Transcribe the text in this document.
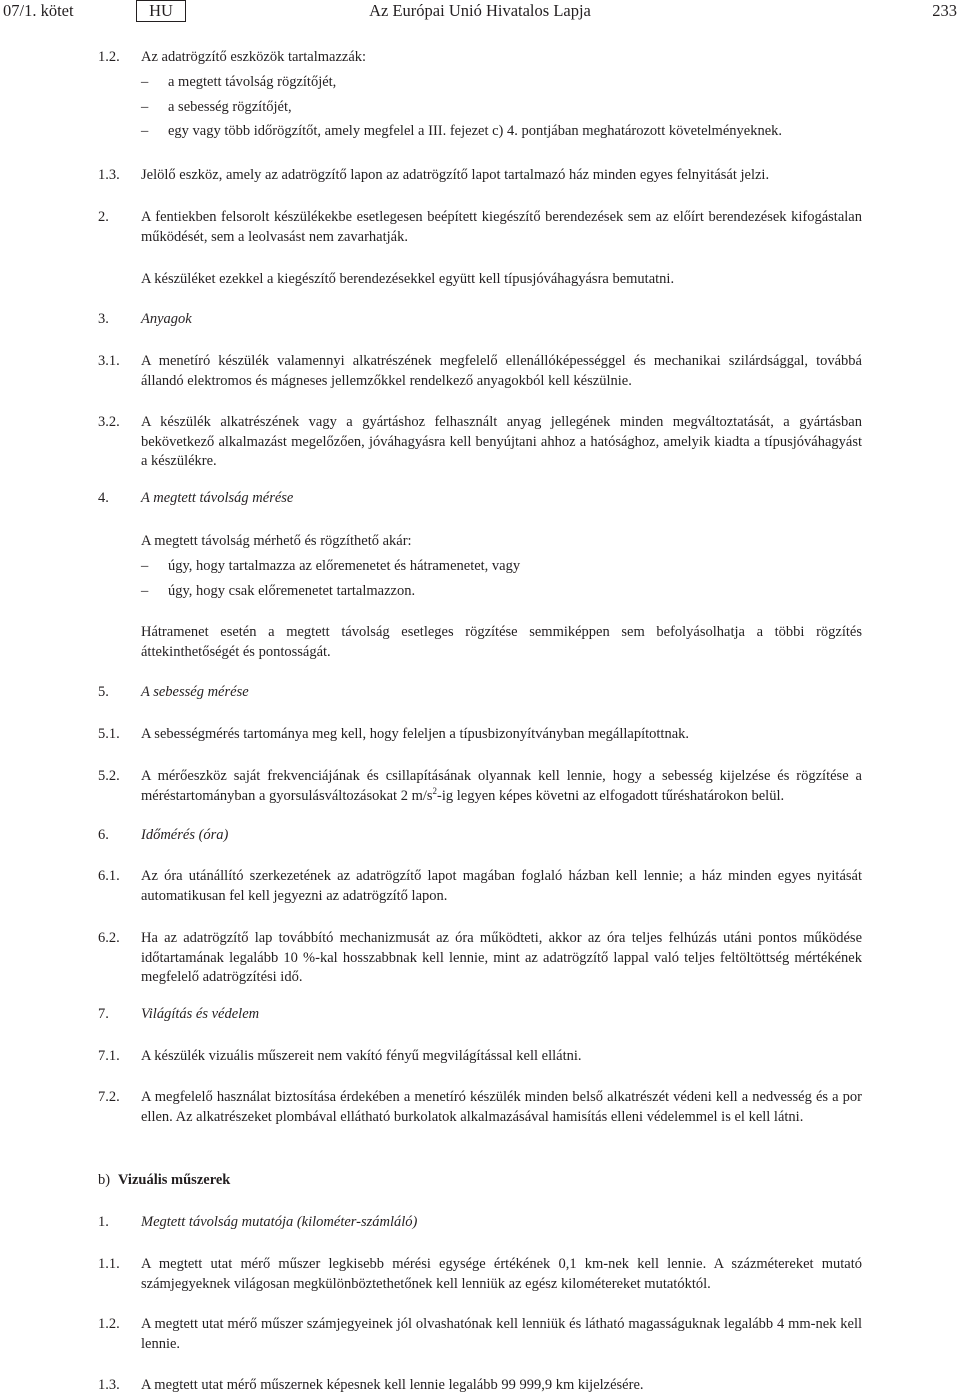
07/1. kötet	HU	Az Európai Unió Hivatalos Lapja	233
1.2. Az adatrögzítő eszközök tartalmazzák:
– a megtett távolság rögzítőjét,
– a sebesség rögzítőjét,
– egy vagy több időrögzítőt, amely megfelel a III. fejezet c) 4. pontjában meghatározott követelményeknek.
1.3. Jelölő eszköz, amely az adatrögzítő lapon az adatrögzítő lapot tartalmazó ház minden egyes felnyitását jelzi.
2. A fentiekben felsorolt készülékekbe esetlegesen beépített kiegészítő berendezések sem az előírt berendezések kifogástalan működését, sem a leolvasást nem zavarhatják.
A készüléket ezekkel a kiegészítő berendezésekkel együtt kell típusjóváhagyásra bemutatni.
3. Anyagok
3.1. A menetíró készülék valamennyi alkatrészének megfelelő ellenállóképességgel és mechanikai szilárdsággal, továbbá állandó elektromos és mágneses jellemzőkkel rendelkező anyagokból kell készülnie.
3.2. A készülék alkatrészének vagy a gyártáshoz felhasznált anyag jellegének minden megváltoztatását, a gyártásban bekövetkező alkalmazást megelőzően, jóváhagyásra kell benyújtani ahhoz a hatósághoz, amelyik kiadta a típusjóváhagyást a készülékre.
4. A megtett távolság mérése
A megtett távolság mérhető és rögzíthető akár:
– úgy, hogy tartalmazza az előremenetet és hátramenetet, vagy
– úgy, hogy csak előremenetet tartalmazzon.
Hátramenet esetén a megtett távolság esetleges rögzítése semmiképpen sem befolyásolhatja a többi rögzítés áttekinthetőségét és pontosságát.
5. A sebesség mérése
5.1. A sebességmérés tartománya meg kell, hogy feleljen a típusbizonyítványban megállapítottnak.
5.2. A mérőeszköz saját frekvenciájának és csillapításának olyannak kell lennie, hogy a sebesség kijelzése és rögzítése a méréstartományban a gyorsulásváltozásokat 2 $m/s^2-ig$ legyen képes követni az elfogadott tűréshatárokon belül.
6. Időmérés (óra)
6.1. Az óra utánállító szerkezetének az adatrögzítő lapot magában foglaló házban kell lennie; a ház minden egyes nyitását automatikusan fel kell jegyezni az adatrögzítő lapon.
6.2. Ha az adatrögzítő lap továbbító mechanizmusát az óra működteti, akkor az óra teljes felhúzás utáni pontos működése időtartamának legalább 10 %-kal hosszabbnak kell lennie, mint az adatrögzítő lappal való teljes feltöltöttség mértékének megfelelő adatrögzítési idő.
7. Világítás és védelem
7.1. A készülék vizuális műszereit nem vakító fényű megvilágítással kell ellátni.
7.2. A megfelelő használat biztosítása érdekében a menetíró készülék minden belső alkatrészét védeni kell a nedvesség és a por ellen. Az alkatrészeket plombával ellátható burkolatok alkalmazásával hamisítás elleni védelemmel is el kell látni.
b) Vizuális műszerek
1. Megtett távolság mutatója (kilométer-számláló)
1.1. A megtett utat mérő műszer legkisebb mérési egysége értékének 0,1 km-nek kell lennie. A százmétereket mutató számjegyeknek világosan megkülönböztethetőnek kell lenniük az egész kilométereket mutatóktól.
1.2. A megtett utat mérő műszer számjegyeinek jól olvashatónak kell lenniük és látható magasságuknak legalább 4 mm-nek kell lennie.
1.3. A megtett utat mérő műszernek képesnek kell lennie legalább 99 999,9 km kijelzésére.
